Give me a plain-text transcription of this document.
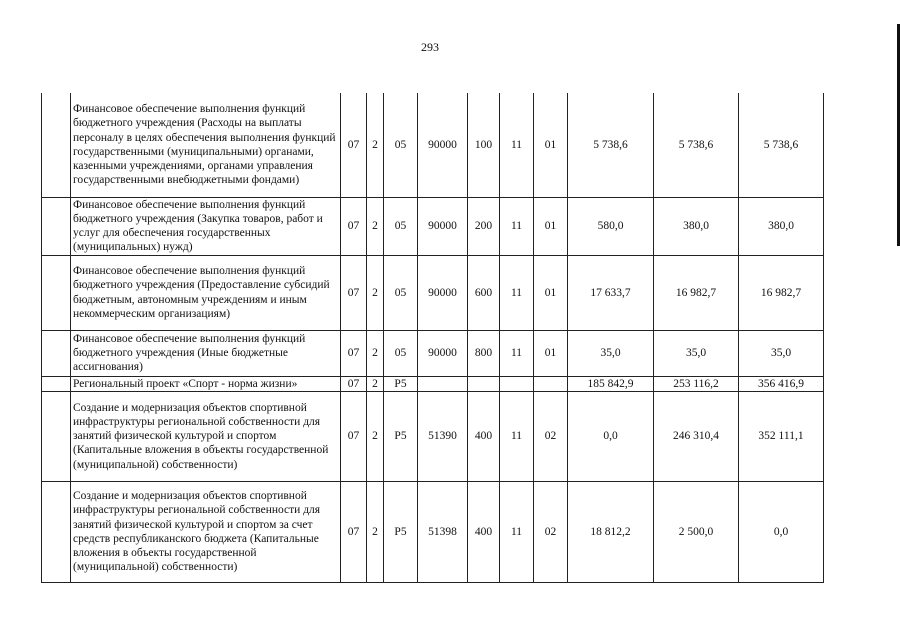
293
	Финансовое обеспечение выполнения функций бюджетного учреждения (Расходы на выплаты персоналу в целях обеспечения выполнения функций государственными (муниципальными) органами, казенными учреждениями, органами управления государственными внебюджетными фондами)	07	2	05	90000	100	11	01	5 738,6	5 738,6	5 738,6
	Финансовое обеспечение выполнения функций бюджетного учреждения (Закупка товаров, работ и услуг для обеспечения государственных (муниципальных) нужд)	07	2	05	90000	200	11	01	580,0	380,0	380,0
	Финансовое обеспечение выполнения функций бюджетного учреждения (Предоставление субсидий бюджетным, автономным учреждениям и иным некоммерческим организациям)	07	2	05	90000	600	11	01	17 633,7	16 982,7	16 982,7
	Финансовое обеспечение выполнения функций бюджетного учреждения (Иные бюджетные ассигнования)	07	2	05	90000	800	11	01	35,0	35,0	35,0
	Региональный проект «Спорт - норма жизни»	07	2	P5					185 842,9	253 116,2	356 416,9
	Создание и модернизация объектов спортивной инфраструктуры региональной собственности для занятий физической культурой и спортом (Капитальные вложения в объекты государственной (муниципальной) собственности)	07	2	P5	51390	400	11	02	0,0	246 310,4	352 111,1
	Создание и модернизация объектов спортивной инфраструктуры региональной собственности для занятий физической культурой и спортом за счет средств республиканского бюджета (Капитальные вложения в объекты государственной (муниципальной) собственности)	07	2	P5	51398	400	11	02	18 812,2	2 500,0	0,0
